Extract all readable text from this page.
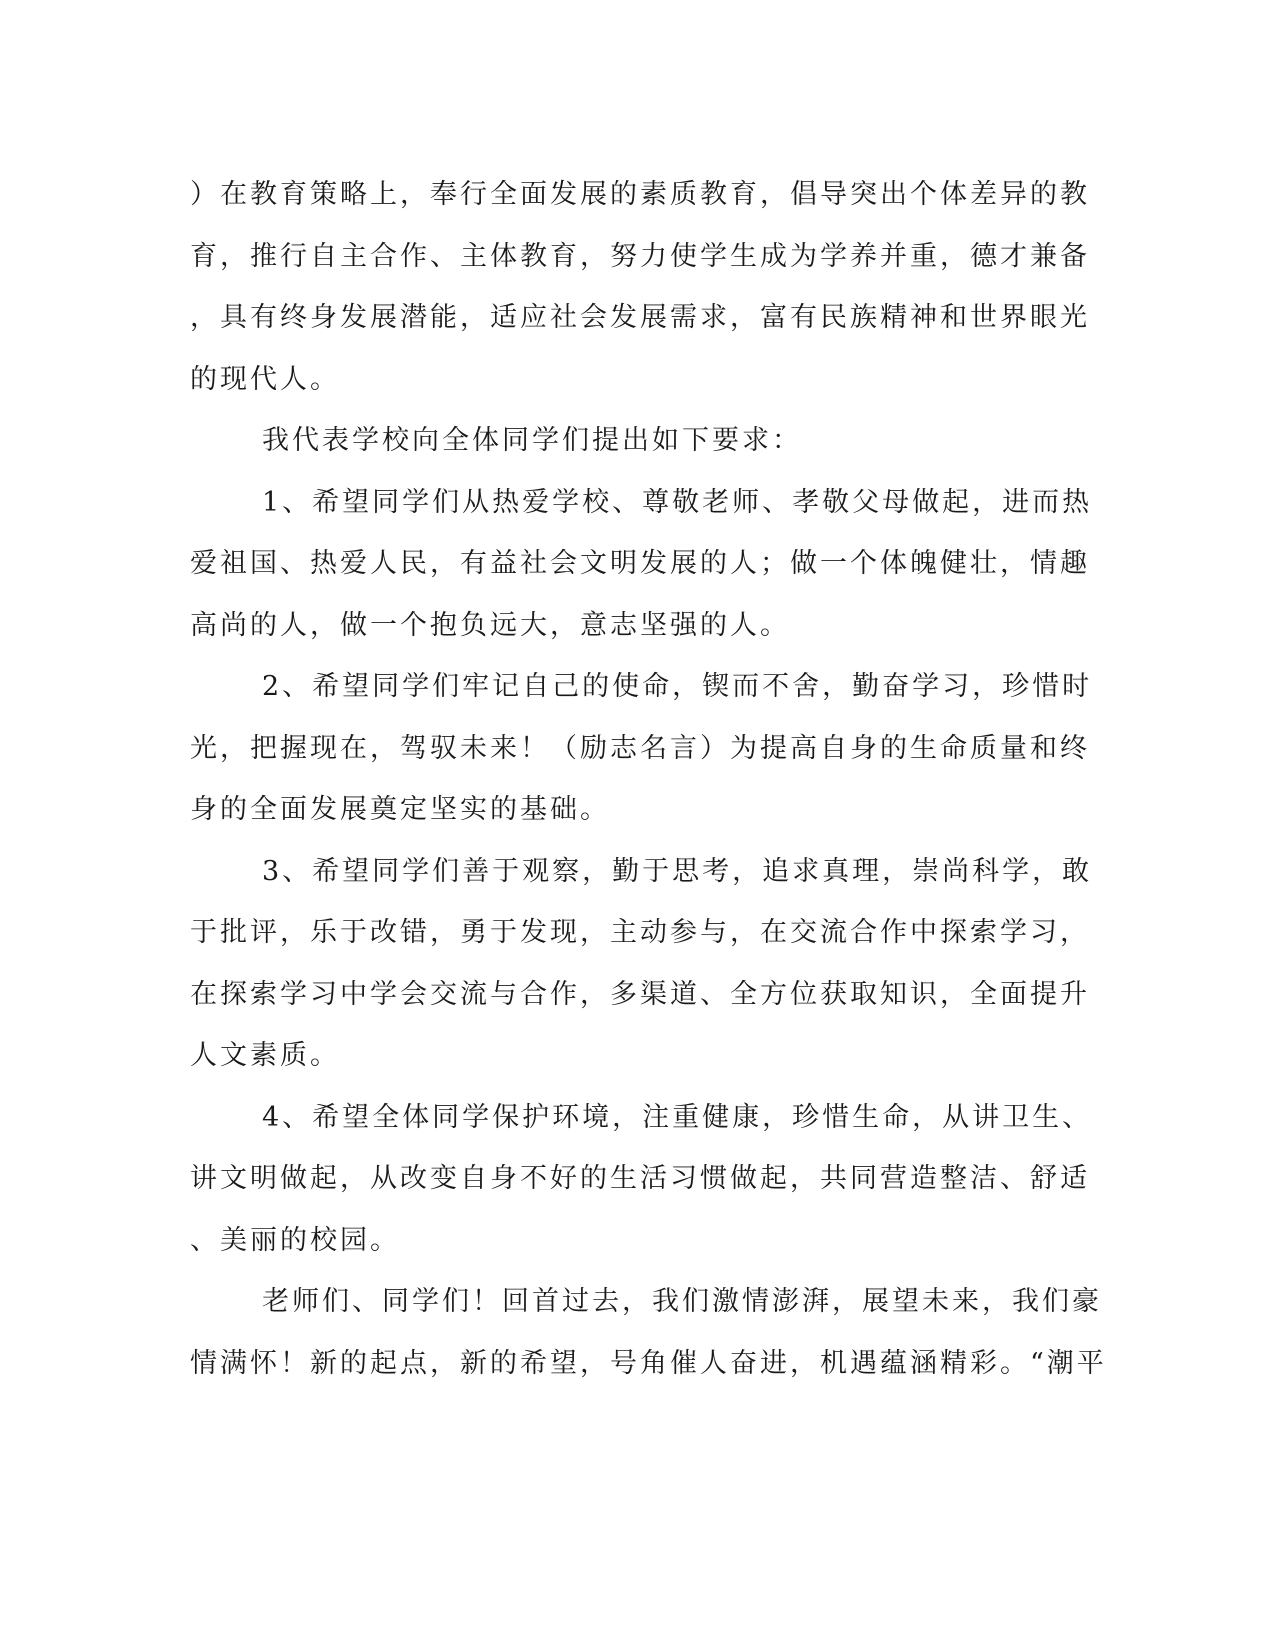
）在教育策略上，奉行全面发展的素质教育，倡导突出个体差异的教
育，推行自主合作、主体教育，努力使学生成为学养并重，德才兼备
，具有终身发展潜能，适应社会发展需求，富有民族精神和世界眼光
的现代人。
我代表学校向全体同学们提出如下要求：
1、希望同学们从热爱学校、尊敬老师、孝敬父母做起，进而热
爱祖国、热爱人民，有益社会文明发展的人；做一个体魄健壮，情趣
高尚的人，做一个抱负远大，意志坚强的人。
2、希望同学们牢记自己的使命，锲而不舍，勤奋学习，珍惜时
光，把握现在，驾驭未来！（励志名言）为提高自身的生命质量和终
身的全面发展奠定坚实的基础。
3、希望同学们善于观察，勤于思考，追求真理，崇尚科学，敢
于批评，乐于改错，勇于发现，主动参与，在交流合作中探索学习，
在探索学习中学会交流与合作，多渠道、全方位获取知识，全面提升
人文素质。
4、希望全体同学保护环境，注重健康，珍惜生命，从讲卫生、
讲文明做起，从改变自身不好的生活习惯做起，共同营造整洁、舒适
、美丽的校园。
老师们、同学们！回首过去，我们激情澎湃，展望未来，我们豪
情满怀！新的起点，新的希望，号角催人奋进，机遇蕴涵精彩。“潮平
